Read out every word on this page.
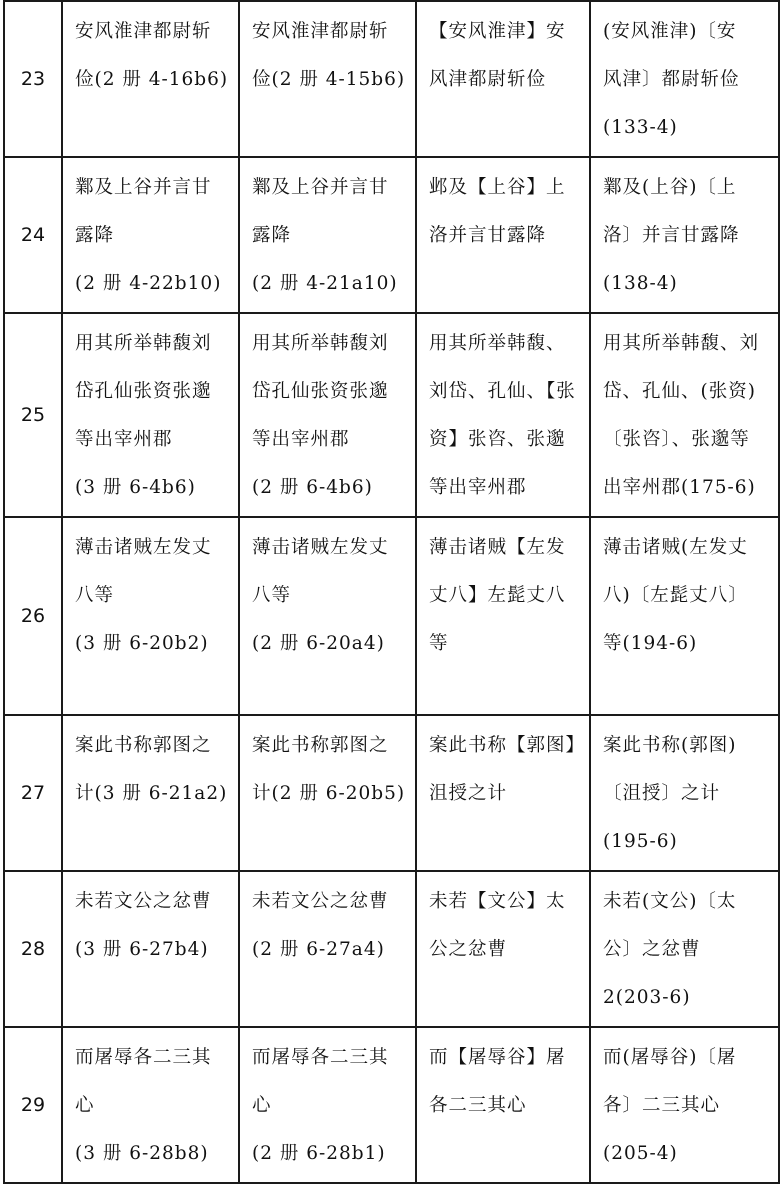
23	安风淮津都尉斩
俭(2 册 4-16b6)	安风淮津都尉斩
俭(2 册 4-15b6)	【安风淮津】安
风津都尉斩俭	(安风淮津)〔安
风津〕都尉斩俭
(133-4)

24	鄴及上谷并言甘
露降
(2 册 4-22b10)	鄴及上谷并言甘
露降
(2 册 4-21a10)	邺及【上谷】上
洛并言甘露降	鄴及(上谷)〔上
洛〕并言甘露降
(138-4)

25	用其所举韩馥刘
岱孔仙张资张邈
等出宰州郡
(3 册 6-4b6)	用其所举韩馥刘
岱孔仙张资张邈
等出宰州郡
(2 册 6-4b6)	用其所举韩馥、
刘岱、孔仙、【张
资】张咨、张邈
等出宰州郡	用其所举韩馥、刘
岱、孔仙、(张资)
〔张咨〕、张邈等
出宰州郡(175-6)

26	薄击诸贼左发丈
八等
(3 册 6-20b2)	薄击诸贼左发丈
八等
(2 册 6-20a4)	薄击诸贼【左发
丈八】左髭丈八
等	薄击诸贼(左发丈
八)〔左髭丈八〕
等(194-6)

27	案此书称郭图之
计(3 册 6-21a2)	案此书称郭图之
计(2 册 6-20b5)	案此书称【郭图】
沮授之计	案此书称(郭图)
〔沮授〕之计
(195-6)

28	未若文公之忿曹
(3 册 6-27b4)	未若文公之忿曹
(2 册 6-27a4)	未若【文公】太
公之忿曹	未若(文公)〔太
公〕之忿曹
2(203-6)

29	而屠辱各二三其
心
(3 册 6-28b8)	而屠辱各二三其
心
(2 册 6-28b1)	而【屠辱谷】屠
各二三其心	而(屠辱谷)〔屠
各〕二三其心
(205-4)
